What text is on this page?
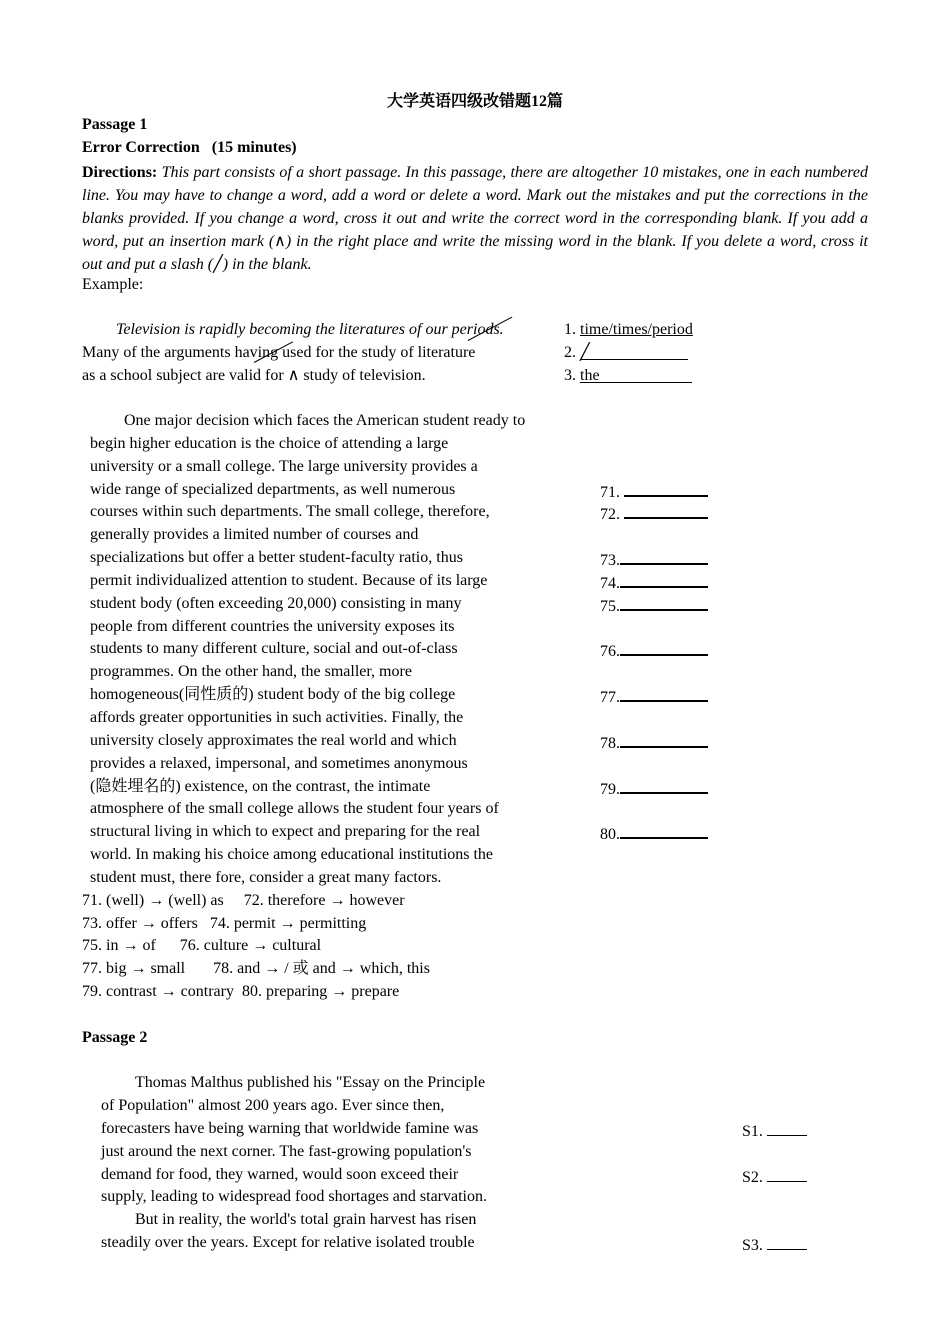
大学英语四级改错题12篇
Passage 1
Error Correction (15 minutes)
Directions: This part consists of a short passage. In this passage, there are altogether 10 mistakes, one in each numbered line. You may have to change a word, add a word or delete a word. Mark out the mistakes and put the corrections in the blanks provided. If you change a word, cross it out and write the correct word in the corresponding blank. If you add a word, put an insertion mark (∧) in the right place and write the missing word in the blank. If you delete a word, cross it out and put a slash (╱) in the blank.
Example:
Television is rapidly becoming the literatures of our periods.
Many of the arguments having used for the study of literature
as a school subject are valid for ∧ study of television.
1. time/times/period
2. ╱
3. the
One major decision which faces the American student ready to
begin higher education is the choice of attending a large
university or a small college. The large university provides a
wide range of specialized departments, as well numerous
courses within such departments. The small college, therefore,
generally provides a limited number of courses and
specializations but offer a better student-faculty ratio, thus
permit individualized attention to student. Because of its large
student body (often exceeding 20,000) consisting in many
people from different countries the university exposes its
students to many different culture, social and out-of-class
programmes. On the other hand, the smaller, more
homogeneous(同性质的) student body of the big college
affords greater opportunities in such activities. Finally, the
university closely approximates the real world and which
provides a relaxed, impersonal, and sometimes anonymous
(隐姓埋名的) existence, on the contrast, the intimate
atmosphere of the small college allows the student four years of
structural living in which to expect and preparing for the real
world. In making his choice among educational institutions the
student must, there fore, consider a great many factors.
71.
72.
73.
74.
75.
76.
77.
78.
79.
80.
71. (well) → (well) as     72. therefore → however
73. offer → offers   74. permit → permitting
75. in → of      76. culture → cultural
77. big → small       78. and → / 或 and → which, this
79. contrast → contrary  80. preparing → prepare
Passage 2
Thomas Malthus published his "Essay on the Principle
of Population" almost 200 years ago. Ever since then,
forecasters have being warning that worldwide famine was
just around the next corner. The fast-growing population's
demand for food, they warned, would soon exceed their
supply, leading to widespread food shortages and starvation.
But in reality, the world's total grain harvest has risen
steadily over the years. Except for relative isolated trouble
S1.
S2.
S3.
